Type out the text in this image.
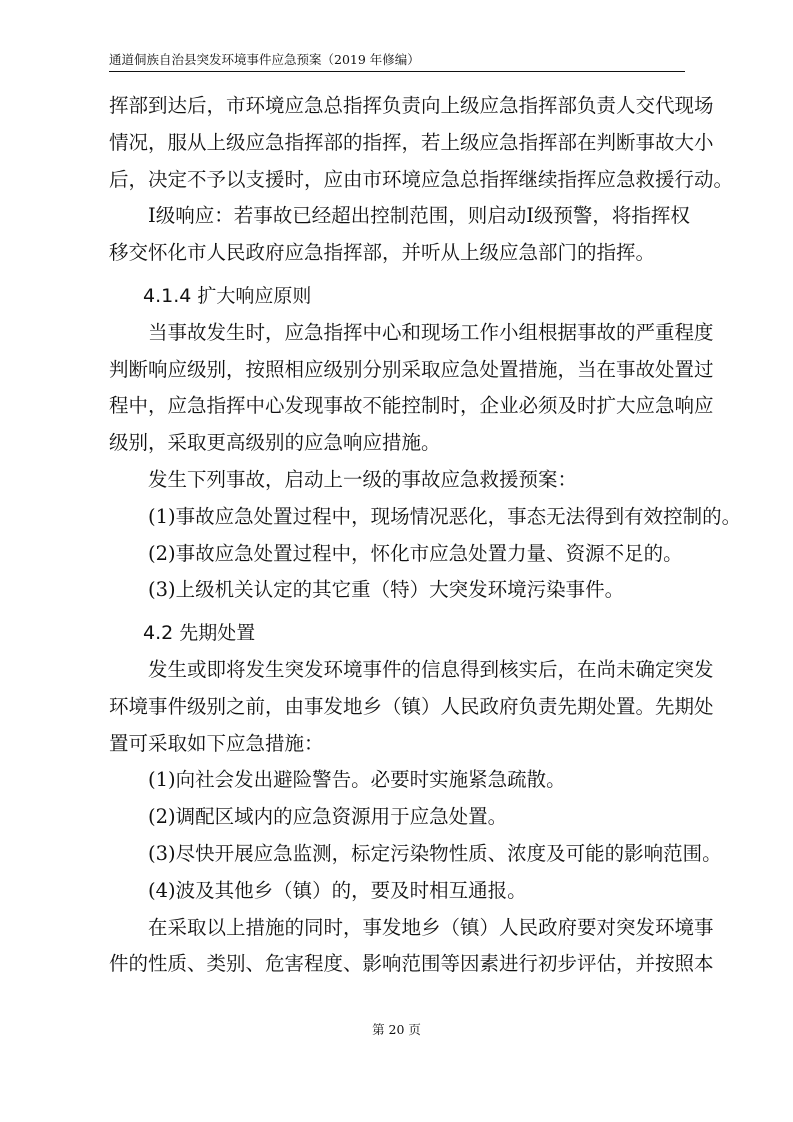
通道侗族自治县突发环境事件应急预案（2019 年修编）
挥部到达后，市环境应急总指挥负责向上级应急指挥部负责人交代现场
情况，服从上级应急指挥部的指挥，若上级应急指挥部在判断事故大小
后，决定不予以支援时，应由市环境应急总指挥继续指挥应急救援行动。
Ⅰ级响应：若事故已经超出控制范围，则启动Ⅰ级预警，将指挥权
移交怀化市人民政府应急指挥部，并听从上级应急部门的指挥。
4.1.4 扩大响应原则
当事故发生时，应急指挥中心和现场工作小组根据事故的严重程度
判断响应级别，按照相应级别分别采取应急处置措施，当在事故处置过
程中，应急指挥中心发现事故不能控制时，企业必须及时扩大应急响应
级别，采取更高级别的应急响应措施。
发生下列事故，启动上一级的事故应急救援预案：
(1)事故应急处置过程中，现场情况恶化，事态无法得到有效控制的。
(2)事故应急处置过程中，怀化市应急处置力量、资源不足的。
(3)上级机关认定的其它重（特）大突发环境污染事件。
4.2 先期处置
发生或即将发生突发环境事件的信息得到核实后，在尚未确定突发
环境事件级别之前，由事发地乡（镇）人民政府负责先期处置。先期处
置可采取如下应急措施：
(1)向社会发出避险警告。必要时实施紧急疏散。
(2)调配区域内的应急资源用于应急处置。
(3)尽快开展应急监测，标定污染物性质、浓度及可能的影响范围。
(4)波及其他乡（镇）的，要及时相互通报。
在采取以上措施的同时，事发地乡（镇）人民政府要对突发环境事
件的性质、类别、危害程度、影响范围等因素进行初步评估，并按照本
第 20 页
